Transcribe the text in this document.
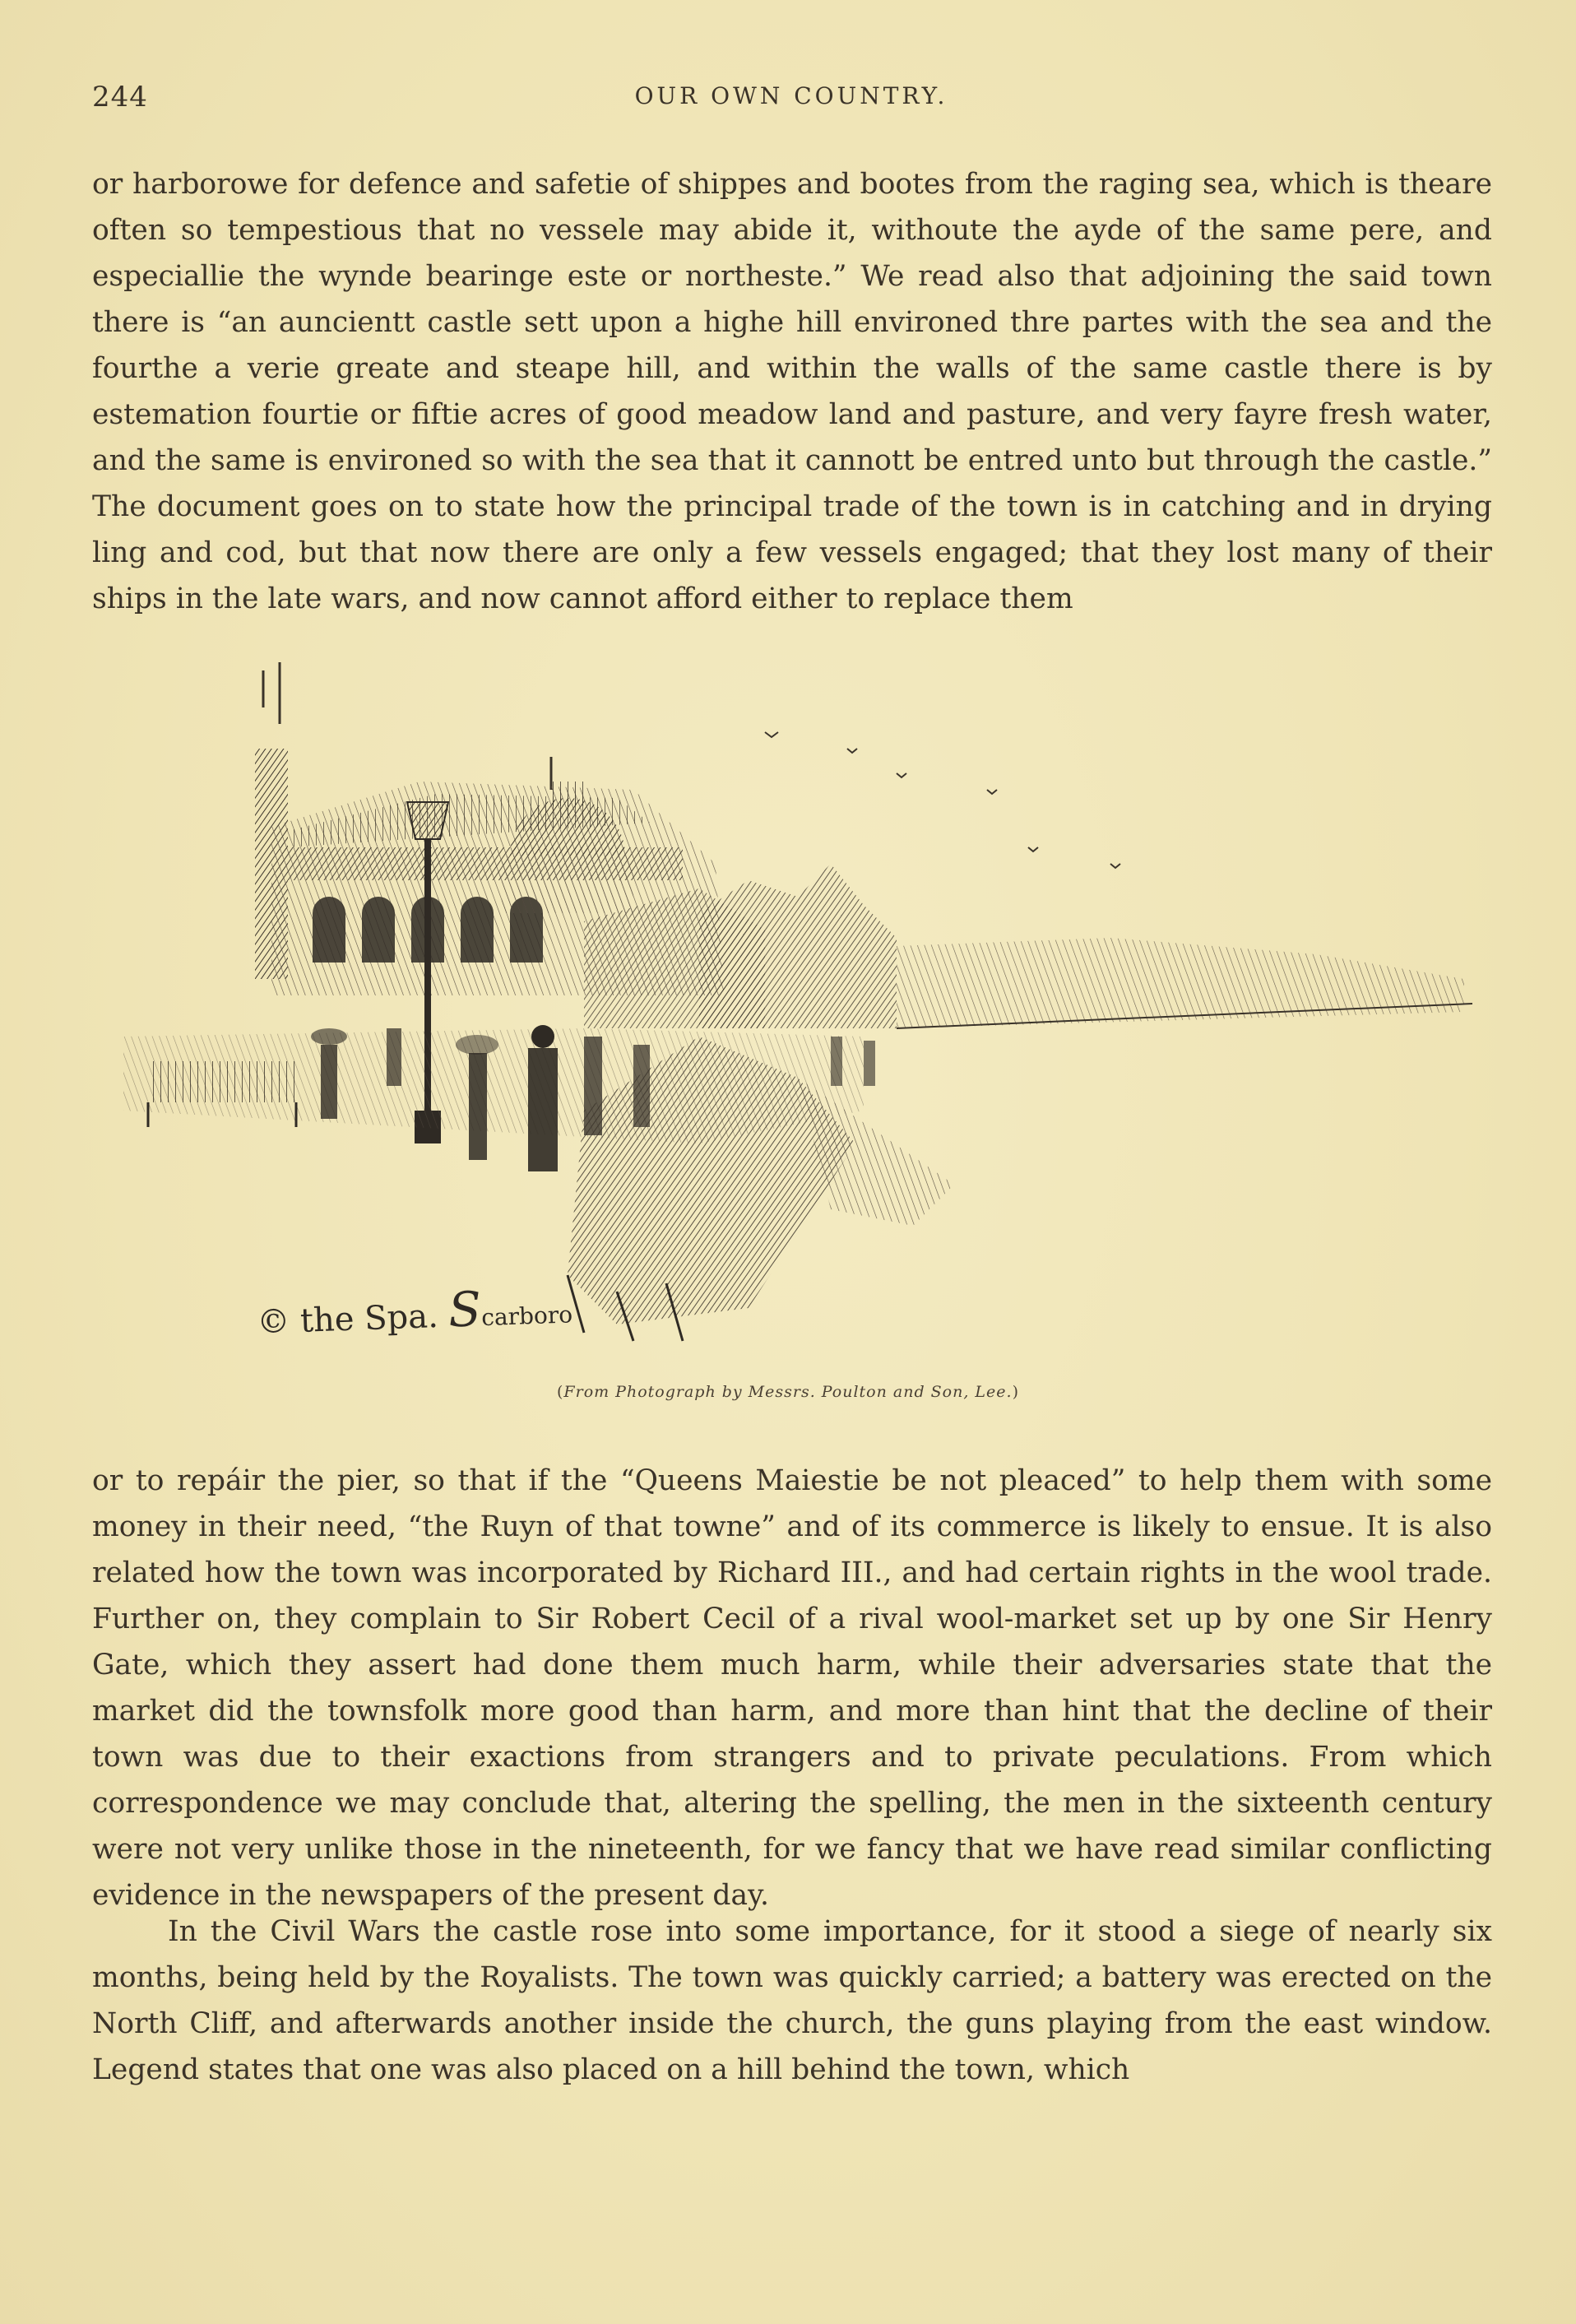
244	OUR OWN COUNTRY.

or harborowe for defence and safetie of shippes and bootes from the raging sea, which is theare often so tempestious that no vessele may abide it, withoute the ayde of the same pere, and especiallie the wynde bearinge este or northeste.” We read also that adjoining the said town there is “an auncientt castle sett upon a highe hill environed thre partes with the sea and the fourthe a verie greate and steape hill, and within the walls of the same castle there is by estemation fourtie or fiftie acres of good meadow land and pasture, and very fayre fresh water, and the same is environed so with the sea that it cannott be entred unto but through the castle.” The document goes on to state how the principal trade of the town is in catching and in drying ling and cod, but that now there are only a few vessels engaged; that they lost many of their ships in the late wars, and now cannot afford either to replace them

© the Spa. Scarboro
(From Photograph by Messrs. Poulton and Son, Lee.)

or to repáir the pier, so that if the “Queens Maiestie be not pleaced” to help them with some money in their need, “the Ruyn of that towne” and of its commerce is likely to ensue. It is also related how the town was incorporated by Richard III., and had certain rights in the wool trade. Further on, they complain to Sir Robert Cecil of a rival wool-market set up by one Sir Henry Gate, which they assert had done them much harm, while their adversaries state that the market did the townsfolk more good than harm, and more than hint that the decline of their town was due to their exactions from strangers and to private peculations. From which correspondence we may conclude that, altering the spelling, the men in the sixteenth century were not very unlike those in the nineteenth, for we fancy that we have read similar conflicting evidence in the newspapers of the present day.

In the Civil Wars the castle rose into some importance, for it stood a siege of nearly six months, being held by the Royalists. The town was quickly carried; a battery was erected on the North Cliff, and afterwards another inside the church, the guns playing from the east window. Legend states that one was also placed on a hill behind the town, which
